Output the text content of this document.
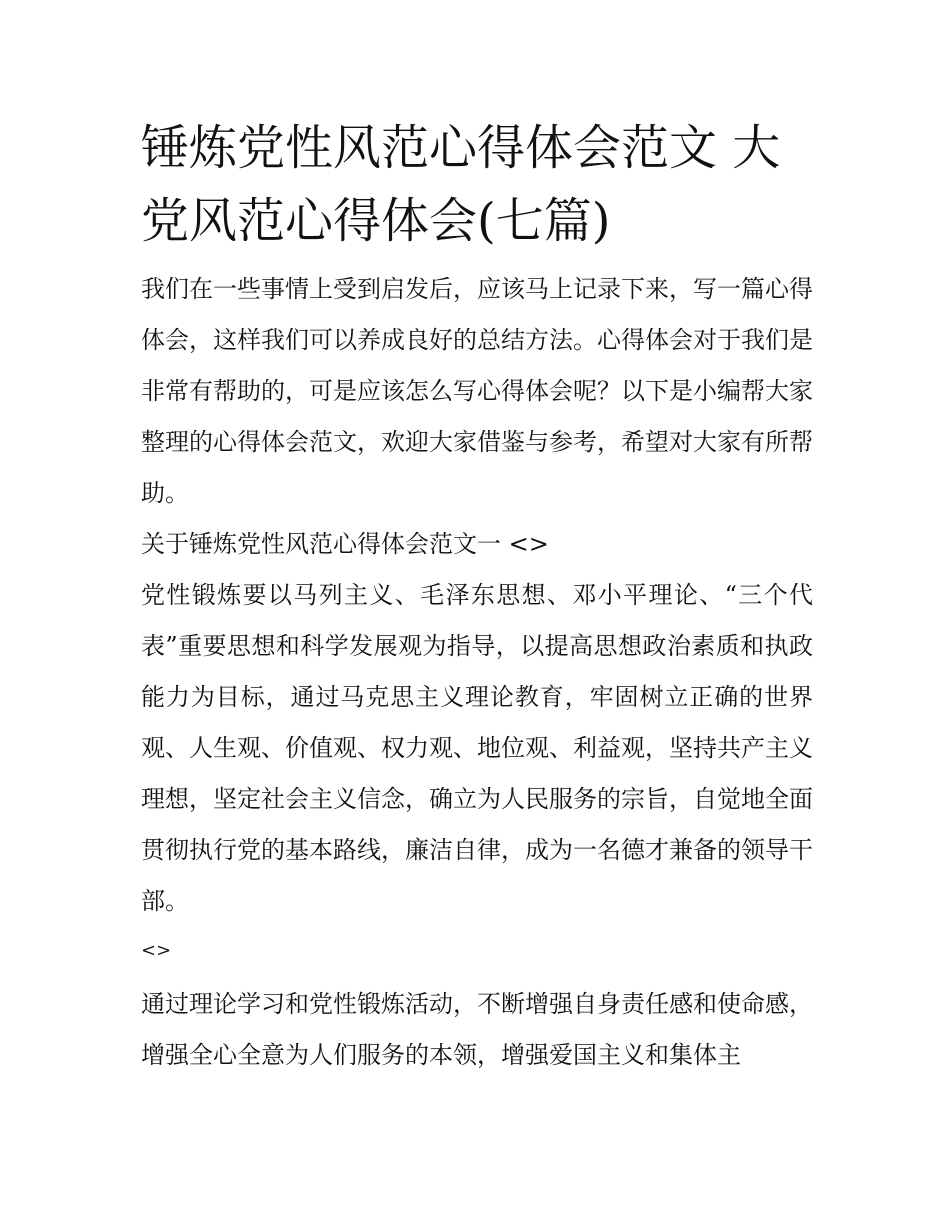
锤炼党性风范心得体会范文 大党风范心得体会(七篇)

我们在一些事情上受到启发后，应该马上记录下来，写一篇心得体会，这样我们可以养成良好的总结方法。心得体会对于我们是非常有帮助的，可是应该怎么写心得体会呢？以下是小编帮大家整理的心得体会范文，欢迎大家借鉴与参考，希望对大家有所帮助。

关于锤炼党性风范心得体会范文一 <>

党性锻炼要以马列主义、毛泽东思想、邓小平理论、“三个代表”重要思想和科学发展观为指导，以提高思想政治素质和执政能力为目标，通过马克思主义理论教育，牢固树立正确的世界观、人生观、价值观、权力观、地位观、利益观，坚持共产主义理想，坚定社会主义信念，确立为人民服务的宗旨，自觉地全面贯彻执行党的基本路线，廉洁自律，成为一名德才兼备的领导干部。

<>

通过理论学习和党性锻炼活动，不断增强自身责任感和使命感，增强全心全意为人们服务的本领，增强爱国主义和集体主
